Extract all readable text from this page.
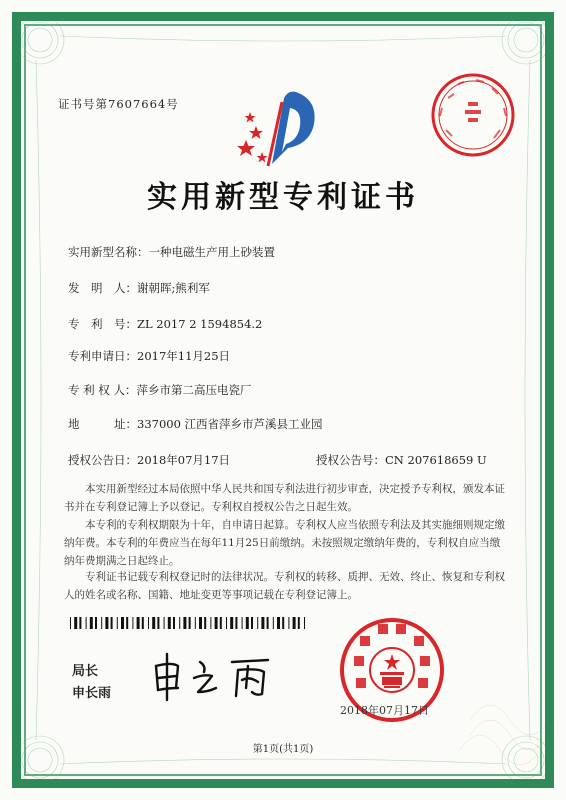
证书号第7607664号
实用新型专利证书
实用新型名称：一种电磁生产用上砂装置
发　明　人：谢朝晖;熊利军
专　利　号：ZL 2017 2 1594854.2
专利申请日：2017年11月25日
专 利 权 人：萍乡市第二高压电瓷厂
地　　　址：337000 江西省萍乡市芦溪县工业园
授权公告日：2018年07月17日	授权公告号：CN 207618659 U
本实用新型经过本局依照中华人民共和国专利法进行初步审查，决定授予专利权，颁发本证书并在专利登记簿上予以登记。专利权自授权公告之日起生效。
本专利的专利权期限为十年，自申请日起算。专利权人应当依照专利法及其实施细则规定缴纳年费。本专利的年费应当在每年11月25日前缴纳。未按照规定缴纳年费的，专利权自应当缴纳年费期满之日起终止。
专利证书记载专利权登记时的法律状况。专利权的转移、质押、无效、终止、恢复和专利权人的姓名或名称、国籍、地址变更等事项记载在专利登记簿上。
局长
申长雨
2018年07月17日
第1页(共1页)
